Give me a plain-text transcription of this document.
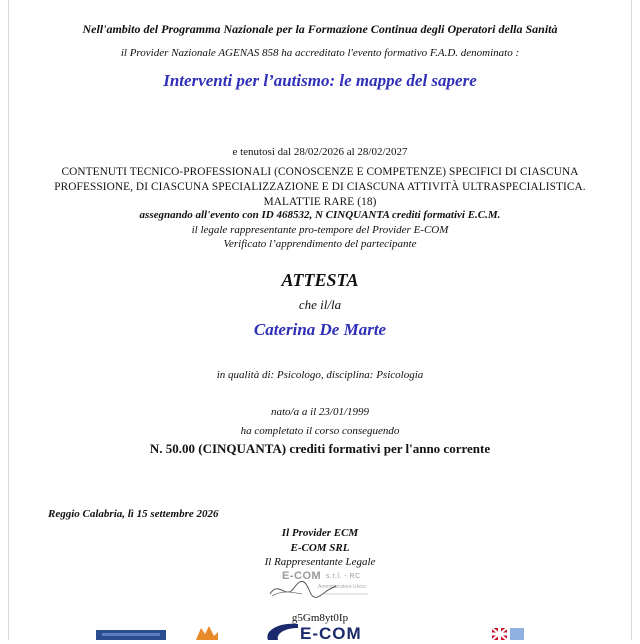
Nell'ambito del Programma Nazionale per la Formazione Continua degli Operatori della Sanità
il Provider Nazionale AGENAS 858 ha accreditato l'evento formativo F.A.D. denominato :
Interventi per l’autismo: le mappe del sapere
e tenutosi dal 28/02/2026 al 28/02/2027
CONTENUTI TECNICO-PROFESSIONALI (CONOSCENZE E COMPETENZE) SPECIFICI DI CIASCUNA
PROFESSIONE, DI CIASCUNA SPECIALIZZAZIONE E DI CIASCUNA ATTIVITÀ ULTRASPECIALISTICA.
MALATTIE RARE (18)
assegnando all'evento con ID 468532, N CINQUANTA crediti formativi E.C.M.
il legale rappresentante pro-tempore del Provider E-COM
Verificato l’apprendimento del partecipante
ATTESTA
che il/la
Caterina De Marte
in qualità di: Psicologo, disciplina: Psicologia
nato/a a il 23/01/1999
ha completato il corso conseguendo
N. 50.00 (CINQUANTA) crediti formativi per l'anno corrente
Reggio Calabria, lì 15 settembre 2026
Il Provider ECM
E-COM SRL
Il Rappresentante Legale
E-COM s.r.l. - RC
Amministratore Unico
g5Gm8yt0Ip
E-COM
